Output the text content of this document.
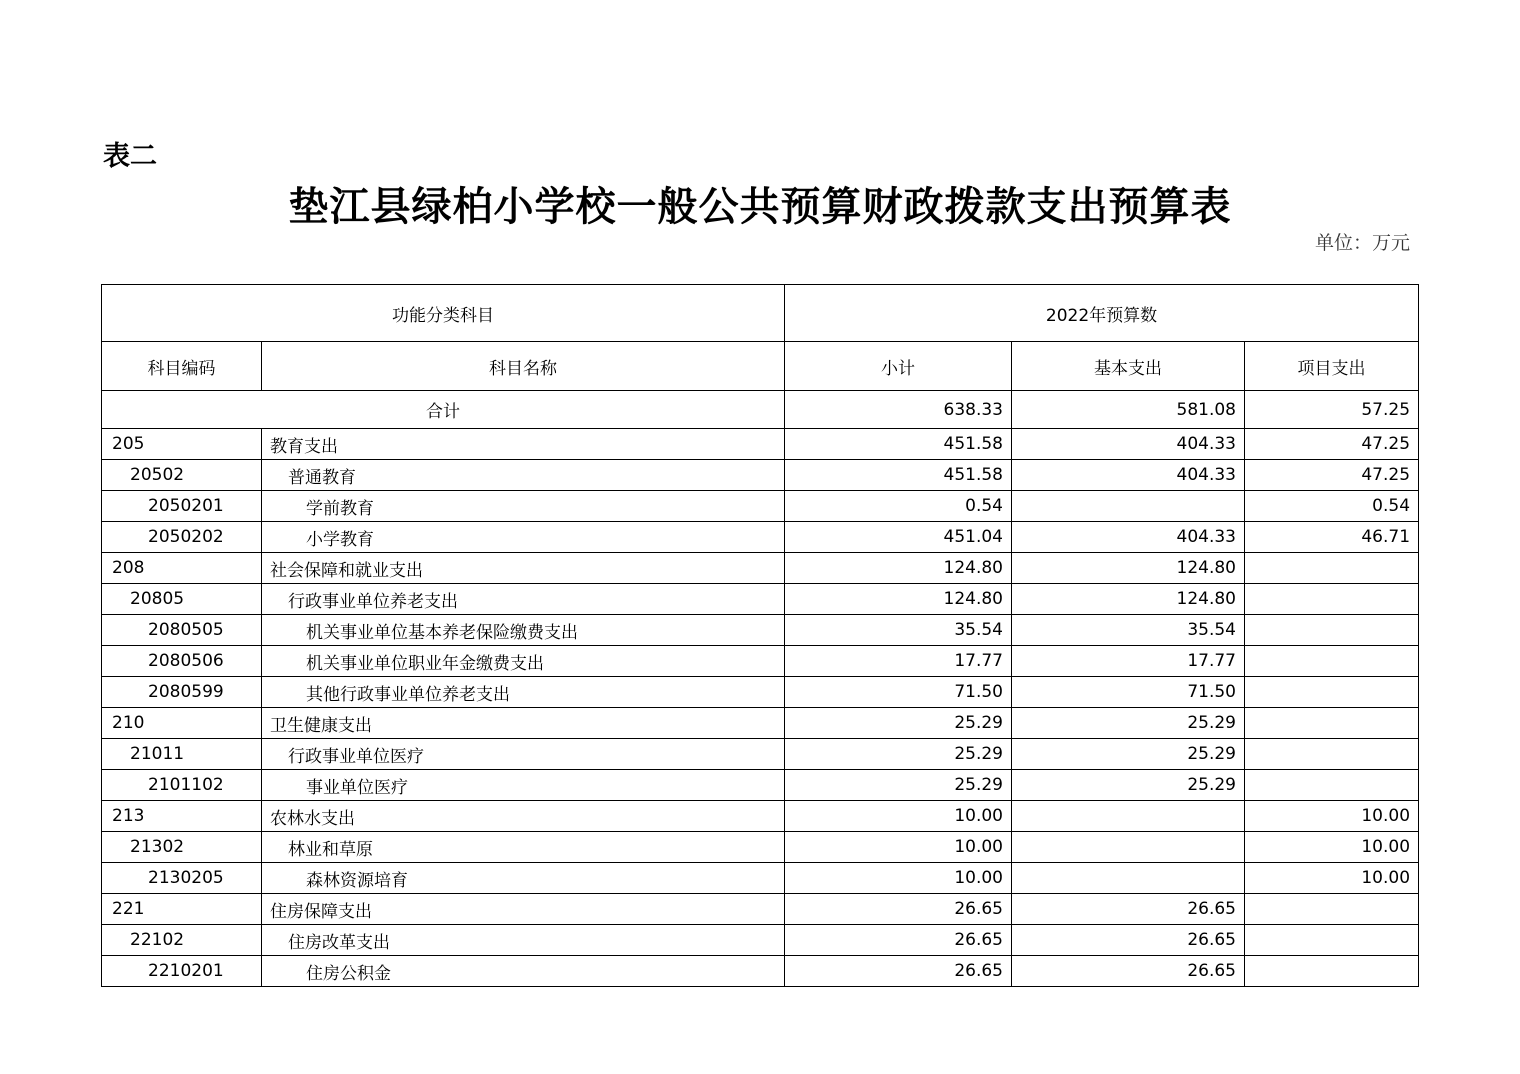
表二
垫江县绿柏小学校一般公共预算财政拨款支出预算表
单位：万元
功能分类科目		2022年预算数		
科目编码	科目名称	小计	基本支出	项目支出
合计		638.33	581.08	57.25
205	教育支出	451.58	404.33	47.25
20502	普通教育	451.58	404.33	47.25
2050201	学前教育	0.54		0.54
2050202	小学教育	451.04	404.33	46.71
208	社会保障和就业支出	124.80	124.80	
20805	行政事业单位养老支出	124.80	124.80	
2080505	机关事业单位基本养老保险缴费支出	35.54	35.54	
2080506	机关事业单位职业年金缴费支出	17.77	17.77	
2080599	其他行政事业单位养老支出	71.50	71.50	
210	卫生健康支出	25.29	25.29	
21011	行政事业单位医疗	25.29	25.29	
2101102	事业单位医疗	25.29	25.29	
213	农林水支出	10.00		10.00
21302	林业和草原	10.00		10.00
2130205	森林资源培育	10.00		10.00
221	住房保障支出	26.65	26.65	
22102	住房改革支出	26.65	26.65	
2210201	住房公积金	26.65	26.65	
